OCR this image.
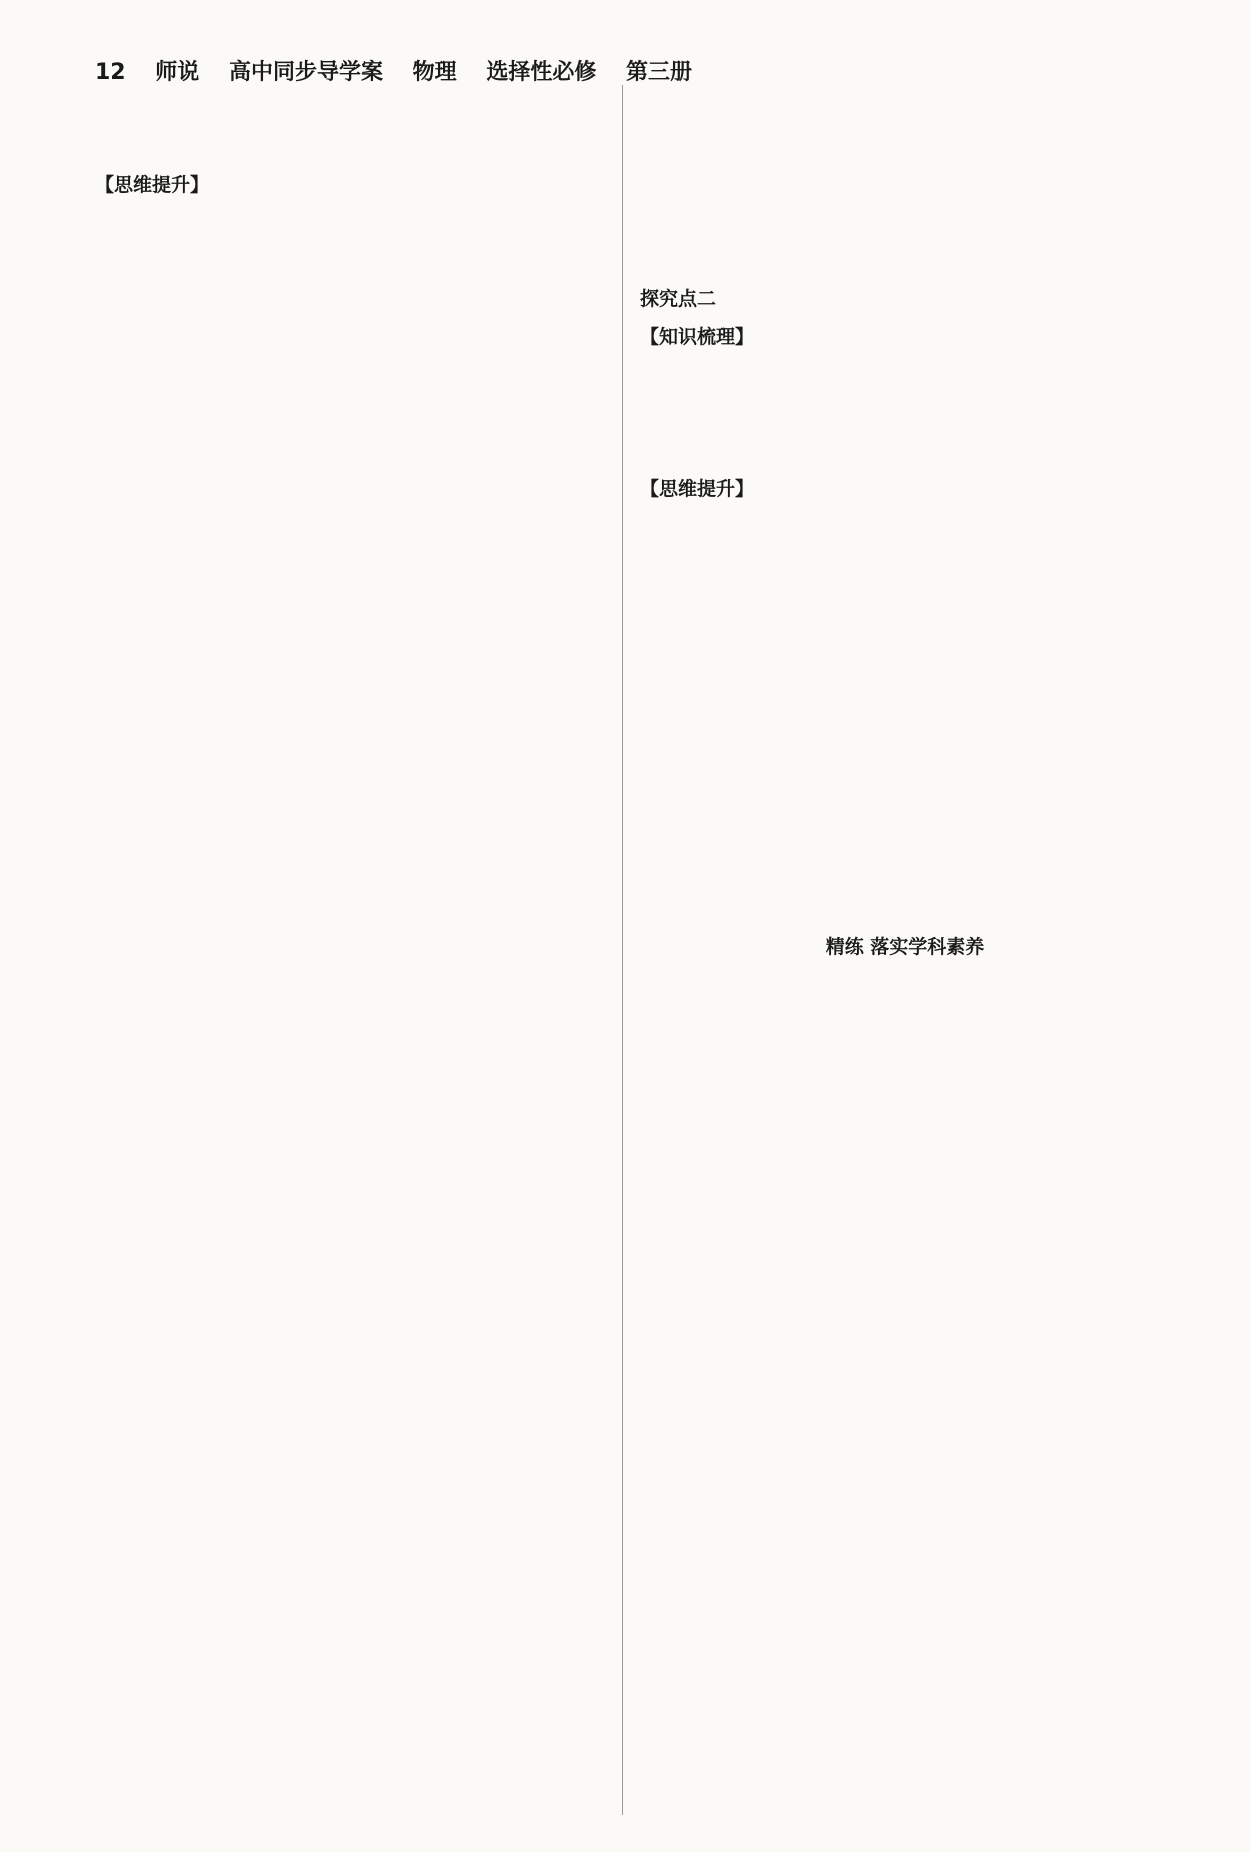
12 师说 高中同步导学案 物理 选择性必修 第三册
【思维提升】
探究点二
【知识梳理】
【思维提升】
精练 落实学科素养
